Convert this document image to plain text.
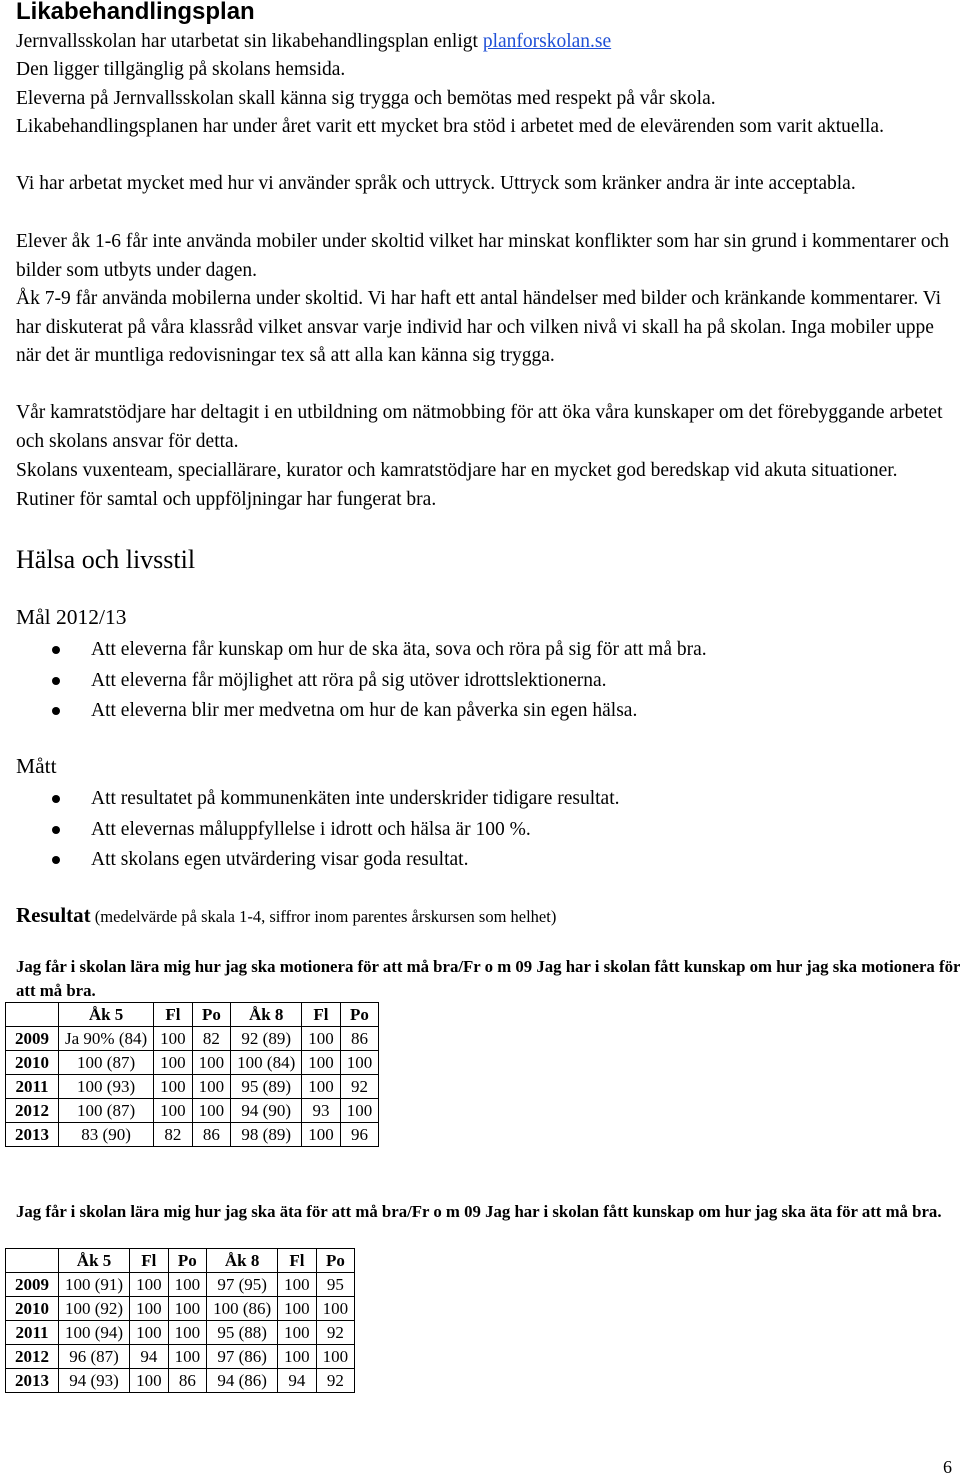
Likabehandlingsplan

Jernvallsskolan har utarbetat sin likabehandlingsplan enligt planforskolan.se

Den ligger tillgänglig på skolans hemsida.

Eleverna på Jernvallsskolan skall känna sig trygga och bemötas med respekt på vår skola.

Likabehandlingsplanen har under året varit ett mycket bra stöd i arbetet med de elevärenden som varit aktuella.

Vi har arbetat mycket med hur vi använder språk och uttryck. Uttryck som kränker andra är inte acceptabla.

Elever åk 1-6 får inte använda mobiler under skoltid vilket har minskat konflikter som har sin grund i kommentarer och bilder som utbyts under dagen.

Åk 7-9 får använda mobilerna under skoltid. Vi har haft ett antal händelser med bilder och kränkande kommentarer. Vi har diskuterat på våra klassråd vilket ansvar varje individ har och vilken nivå vi skall ha på skolan. Inga mobiler uppe när det är muntliga redovisningar tex så att alla kan känna sig trygga.

Vår kamratstödjare har deltagit i en utbildning om nätmobbing för att öka våra kunskaper om det förebyggande arbetet och skolans ansvar för detta.

Skolans vuxenteam, speciallärare, kurator och kamratstödjare har en mycket god beredskap vid akuta situationer. Rutiner för samtal och uppföljningar har fungerat bra.

Hälsa och livsstil
Mål 2012/13
Att eleverna får kunskap om hur de ska äta, sova och röra på sig för att må bra.
Att eleverna får möjlighet att röra på sig utöver idrottslektionerna.
Att eleverna blir mer medvetna om hur de kan påverka sin egen hälsa.
Mått
Att resultatet på kommunenkäten inte underskrider tidigare resultat.
Att elevernas måluppfyllelse i idrott och hälsa är 100 %.
Att skolans egen utvärdering visar goda resultat.
Resultat (medelvärde på skala 1-4, siffror inom parentes årskursen som helhet)

Jag får i skolan lära mig hur jag ska motionera för att må bra/Fr o m 09 Jag har i skolan fått kunskap om hur jag ska motionera för att må bra.

	Åk 5	Fl	Po	Åk 8	Fl	Po
2009	Ja 90% (84)	100	82	92 (89)	100	86
2010	100 (87)	100	100	100 (84)	100	100
2011	100 (93)	100	100	95 (89)	100	92
2012	100 (87)	100	100	94 (90)	93	100
2013	83 (90)	82	86	98 (89)	100	96

Jag får i skolan lära mig hur jag ska äta för att må bra/Fr o m 09 Jag har i skolan fått kunskap om hur jag ska äta för att må bra.

	Åk 5	Fl	Po	Åk 8	Fl	Po
2009	100 (91)	100	100	97 (95)	100	95
2010	100 (92)	100	100	100 (86)	100	100
2011	100 (94)	100	100	95 (88)	100	92
2012	96 (87)	94	100	97 (86)	100	100
2013	94 (93)	100	86	94 (86)	94	92
6
